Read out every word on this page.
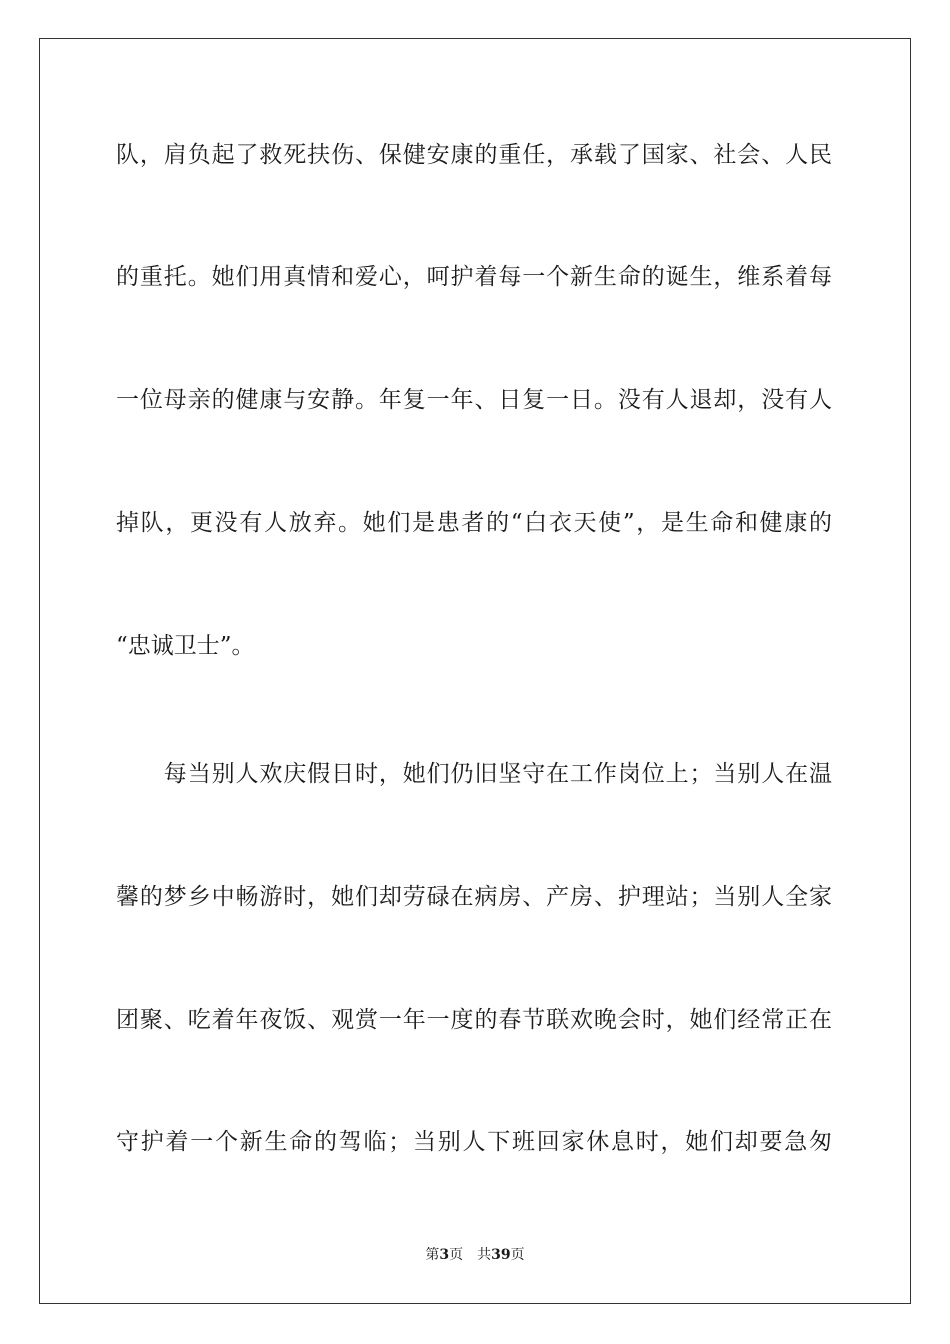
队，肩负起了救死扶伤、保健安康的重任，承载了国家、社会、人民
的重托。她们用真情和爱心，呵护着每一个新生命的诞生，维系着每
一位母亲的健康与安静。年复一年、日复一日。没有人退却，没有人
掉队，更没有人放弃。她们是患者的“白衣天使”，是生命和健康的
“忠诚卫士”。
　　每当别人欢庆假日时，她们仍旧坚守在工作岗位上；当别人在温
馨的梦乡中畅游时，她们却劳碌在病房、产房、护理站；当别人全家
团聚、吃着年夜饭、观赏一年一度的春节联欢晚会时，她们经常正在
守护着一个新生命的驾临；当别人下班回家休息时，她们却要急匆
第3页 共39页
